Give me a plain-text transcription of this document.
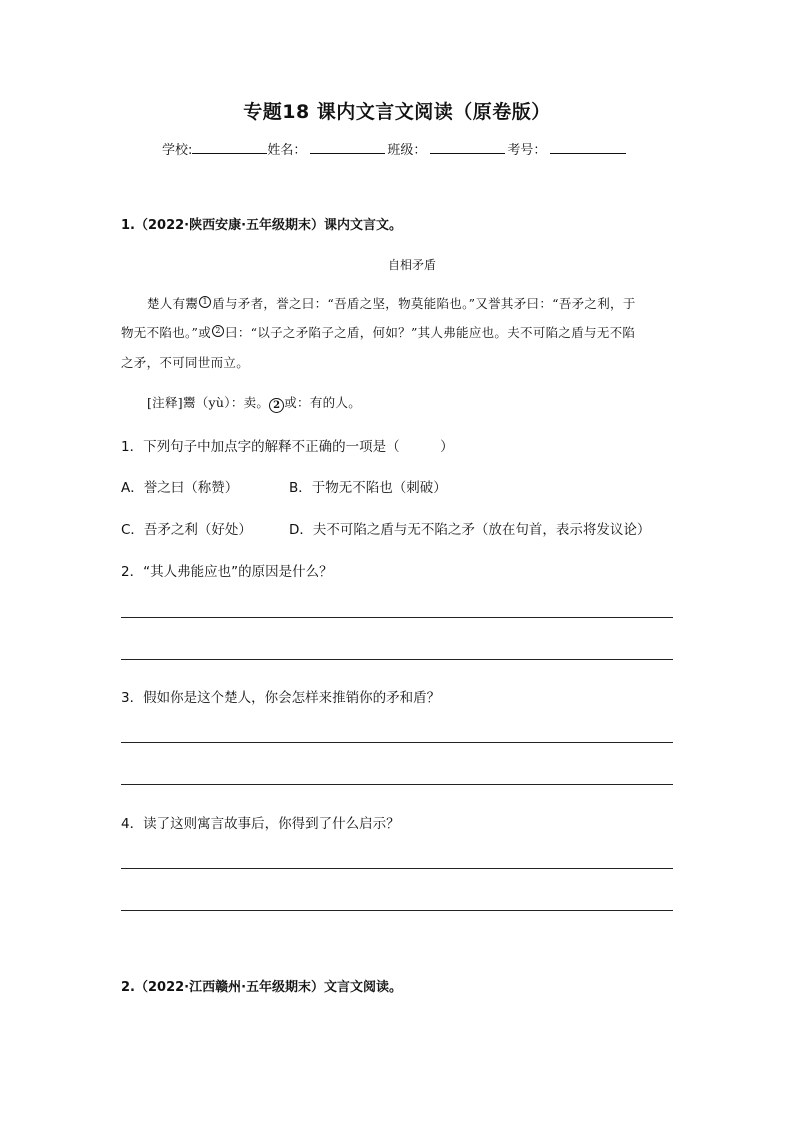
专题18 课内文言文阅读（原卷版）
学校:	姓名：	班级：	考号：
1.（2022·陕西安康·五年级期末）课内文言文。
自相矛盾
楚人有鬻 1 盾与矛者，誉之曰：“吾盾之坚，物莫能陷也。”又誉其矛曰：“吾矛之利，于
物无不陷也。”或 2 曰：“以子之矛陷子之盾，何如？”其人弗能应也。夫不可陷之盾与无不陷
之矛，不可同世而立。
[注释]鬻（yù）：卖。 2 或：有的人。
1．下列句子中加点字的解释不正确的一项是（　　　）
A．誉之曰（称赞）	B．于物无不陷也（刺破）
C．吾矛之利（好处）	D．夫不可陷之盾与无不陷之矛（放在句首，表示将发议论）
2．“其人弗能应也”的原因是什么？
3．假如你是这个楚人，你会怎样来推销你的矛和盾？
4．读了这则寓言故事后，你得到了什么启示？
2.（2022·江西赣州·五年级期末）文言文阅读。
